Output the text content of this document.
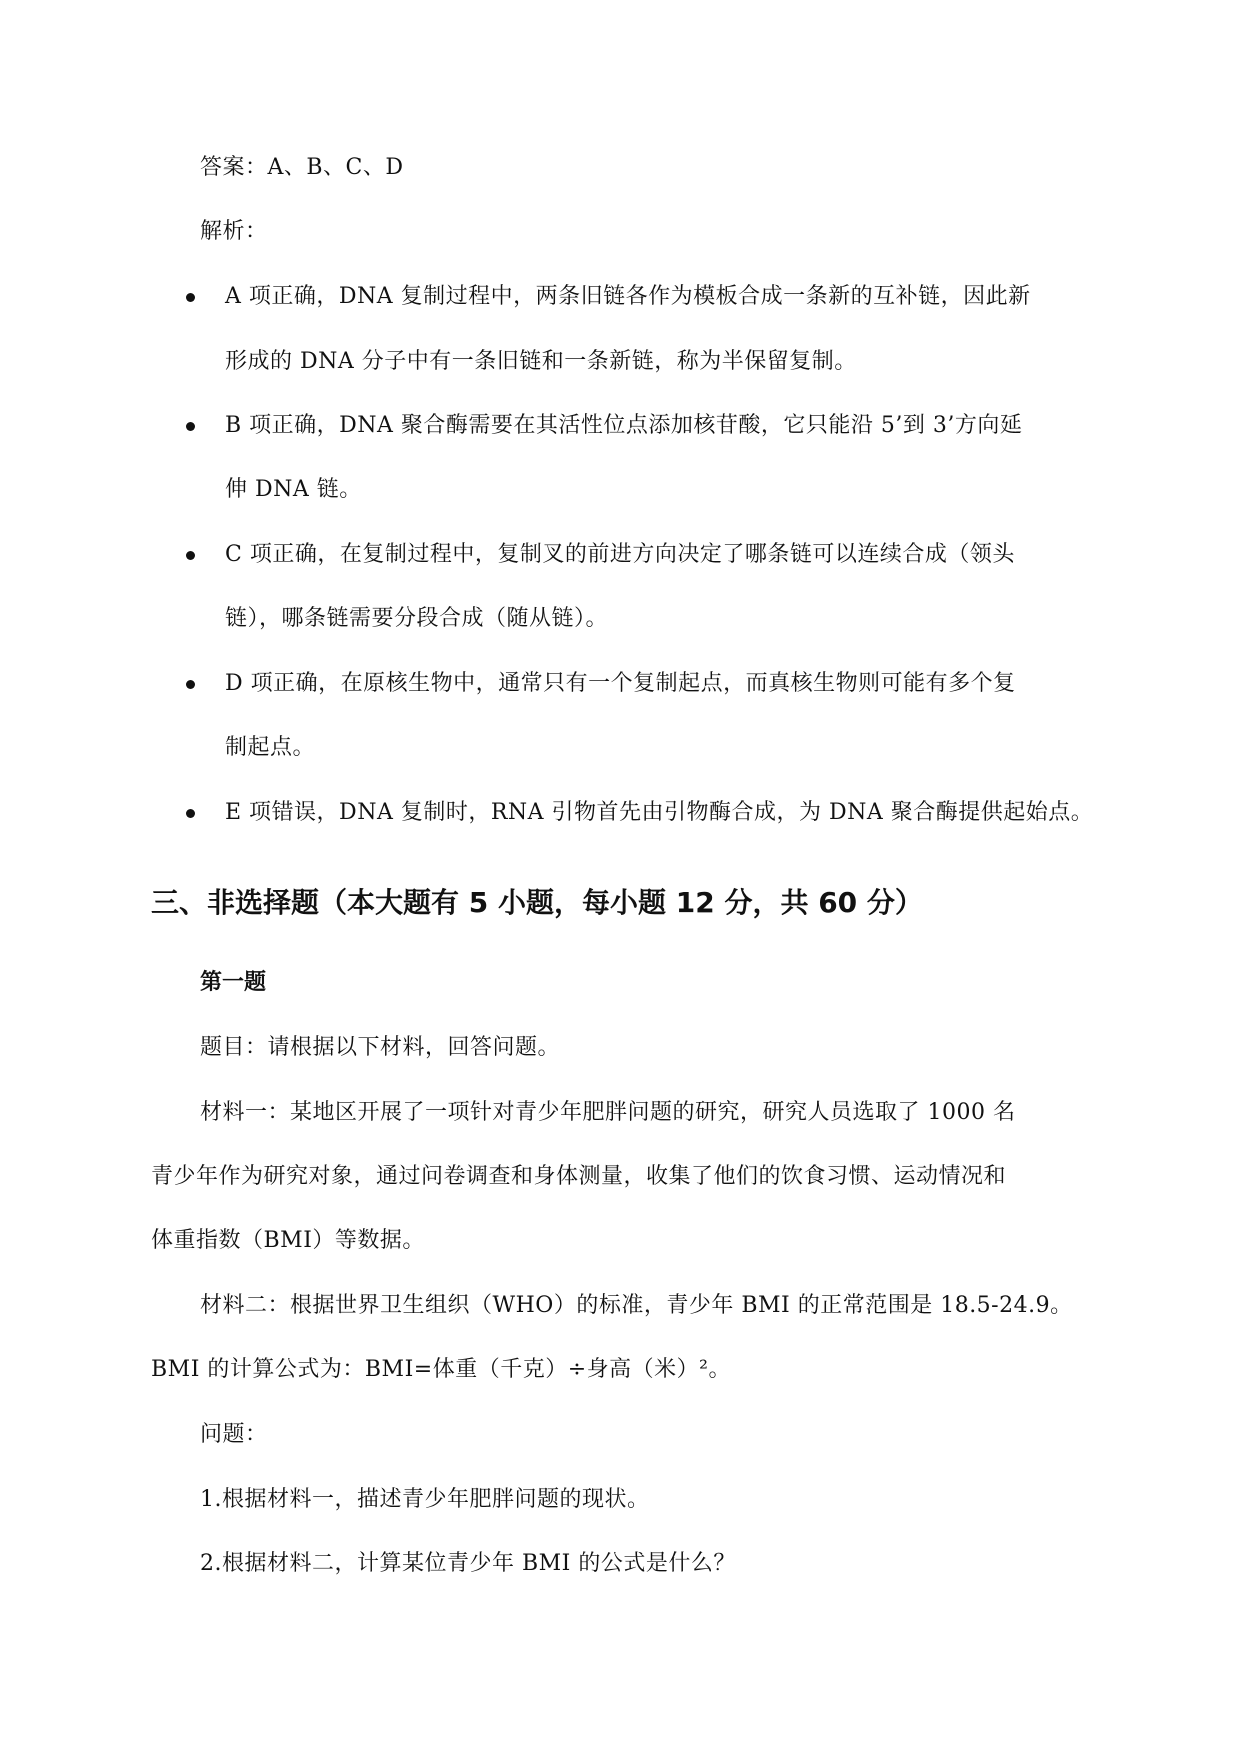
答案：A、B、C、D
解析：
A 项正确，DNA 复制过程中，两条旧链各作为模板合成一条新的互补链，因此新
形成的 DNA 分子中有一条旧链和一条新链，称为半保留复制。
B 项正确，DNA 聚合酶需要在其活性位点添加核苷酸，它只能沿 5’到 3’方向延
伸 DNA 链。
C 项正确，在复制过程中，复制叉的前进方向决定了哪条链可以连续合成（领头
链），哪条链需要分段合成（随从链）。
D 项正确，在原核生物中，通常只有一个复制起点，而真核生物则可能有多个复
制起点。
E 项错误，DNA 复制时，RNA 引物首先由引物酶合成，为 DNA 聚合酶提供起始点。
三、非选择题（本大题有 5 小题，每小题 12 分，共 60 分）
第一题
题目：请根据以下材料，回答问题。
材料一：某地区开展了一项针对青少年肥胖问题的研究，研究人员选取了 1000 名
青少年作为研究对象，通过问卷调查和身体测量，收集了他们的饮食习惯、运动情况和
体重指数（BMI）等数据。
材料二：根据世界卫生组织（WHO）的标准，青少年 BMI 的正常范围是 18.5-24.9。
BMI 的计算公式为：BMI=体重（千克）÷身高（米）²。
问题：
1.根据材料一，描述青少年肥胖问题的现状。
2.根据材料二，计算某位青少年 BMI 的公式是什么？
